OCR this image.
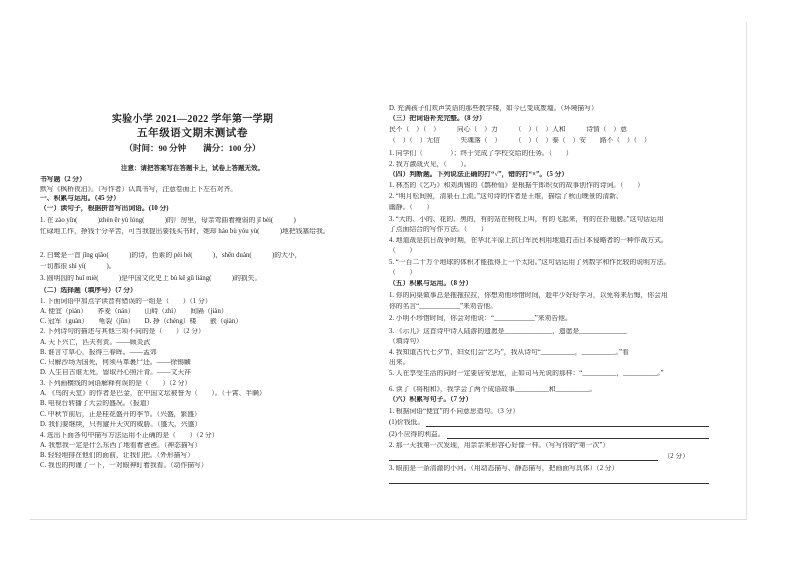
实验小学 2021—2022 学年第一学期
五年级语文期末测试卷
（时间：90 分钟　　满分：100 分）
注意：请把答案写在答题卡上，试卷上答题无效。
书写题（2 分）
默写《枫桥夜泊》。（写作者）认真书写，注意卷面上下左右对齐。
一、积累与运用。（45 分）
（一）读句子，根据拼音写出词语。(10 分)
1. 在 zào yīn(　　　)zhèn ěr yù lóng(　　　)的厂房里，母亲弯曲着瘦弱的 jǐ bèi(　　　)
忙碌地工作，挣钱十分辛苦，可当我提出要钱买书时，她却 háo bù yóu yù(　　　)地把钱塞给我。
2. 白鹭是一首 jīng qiǎo(　　　)的诗，色素的 pèi hé(　　　)，shēn duàn(　　　)的大小，
一切都很 shì yí(　　　)。
3. 圆明园的 huǐ miè(　　　)是中国文化史上 bù kě gū liáng(　　　)的损失。
（二）选择题（填序号）（7 分）
1. 下面词语中加点字读音有错误的一组是（　　）（1 分）
A. 便宜（pián）　　荞麦（nán）　　山峙（zhì）　　间隔（jiàn）
C. 冠军（guàn）　　龟裂（jūn）　　D. 挣（chéng）楼　　嵌（qiàn）
2. 下列诗句的描述与其他三项不同的是（　　）（2 分）
A. 天下兴亡，匹夫有责。——顾炎武
B. 谁言寸草心，报得三春晖。——孟郊
C. 只解沙场为国死，何须马革裹尸还。——徐锡麟
D. 人生自古谁无死，留取丹心照汗青。——文天祥
3. 下列画横线的词语解释有误的是（　　）（2 分）
A. 《鸟的天堂》的作者是巴金，在中国文坛被誉为（　　）。（干霄、半瞒）
B. 电视台转播了大会的盛况。（报道）
C. 中秋节前后，正是桂花盛开的季节。（兴盛，繁盛）
D. 我们要继续，只有避开天灾的威胁。（盛大，兴盛）
4. 选出下面各句中描写方法运用不正确的是（　　）（2 分）
A. 我想我一定是什么东西了地看着爸爸。（神态描写）
B. 轻轻地排在他们的面前，让我们把。（外形描写）
C. 我也的拘谨了一下，一对眼神盯着我看。（动作描写）
D. 充满孩子们欢声笑语的那些教学楼，如今已变成废墟。（环境描写）
（三）把词语补充完整。（8 分）
民不（　）（　）　　　同心（　）力　　　（　）（　）人和　　　诗情（　）意
（　）（　）无信　　　失魂落（　）　　　（　）（　）泰（　）安　　路不（　）（　）
1. 同学们（　　　　）；终于完成了学校交给的任务。（　　）
2. 我方激战火见，（　　）。
（四）判断题。下列说法正确的打“√”，错的打“×”。（5 分）
1. 林杰的《乞巧》和刘禹锡的《鹊桥仙》是根据牛郎织女的故事创作的诗词。（　　）
2. “明月松间照，清泉石上流。”这句诗的作者是王维，描绘了秋山晚景的清新、
幽静。（　　）
3. “大的、小的、花的、黑的，有的站在树枝上叫，有的飞起来，有的在扑翅膀。”这句话运用
了点面结合的写作方法。（　　）
4. 地道战是抗日战争时期，在华北平原上抗日军民利用地道打击日本侵略者的一种作战方式。
（　　）
5. “一百二十万个地球的体积才能抵得上一个太阳。”这句话运用了列数字和作比较的说明方法。
（　　）
（五）积累与运用。（8 分）
1. 你的同桌做事总是拖拖拉拉，你想劝他珍惜时间，趁年少好好学习，以免将来后悔，你会用
你的名言“____________”来劝告他。
2. 小明不珍惜时间，你会对他说：“____________”来劝告他。
3. 《示儿》这首诗中诗人陆游的遗愿是______________，遗愿是______________
（填诗句）
4. 我知道古代七夕节，妇女们会“乞巧”，我从诗句“__________，__________。”看
出来。
5. 人在享受生活的同时一定要居安思危，正如司马光说的那样：“__________，__________。”
6. 读了《将相和》，我学会了两个成语故事__________和__________。
（六）积累写句子。（7 分）
1. 根据词语“便宜”的不同意思造句。（3 分）
(1)价钱低。
(2)不应得的利益。
2. 那一天我第一次发现，用亲亲来形容心好像一样。（写写你的“第一次”）
（2 分）
3. 眼前是一条清澈的小河。（用动态描写、静态描写，把画面写具体）（2 分）
